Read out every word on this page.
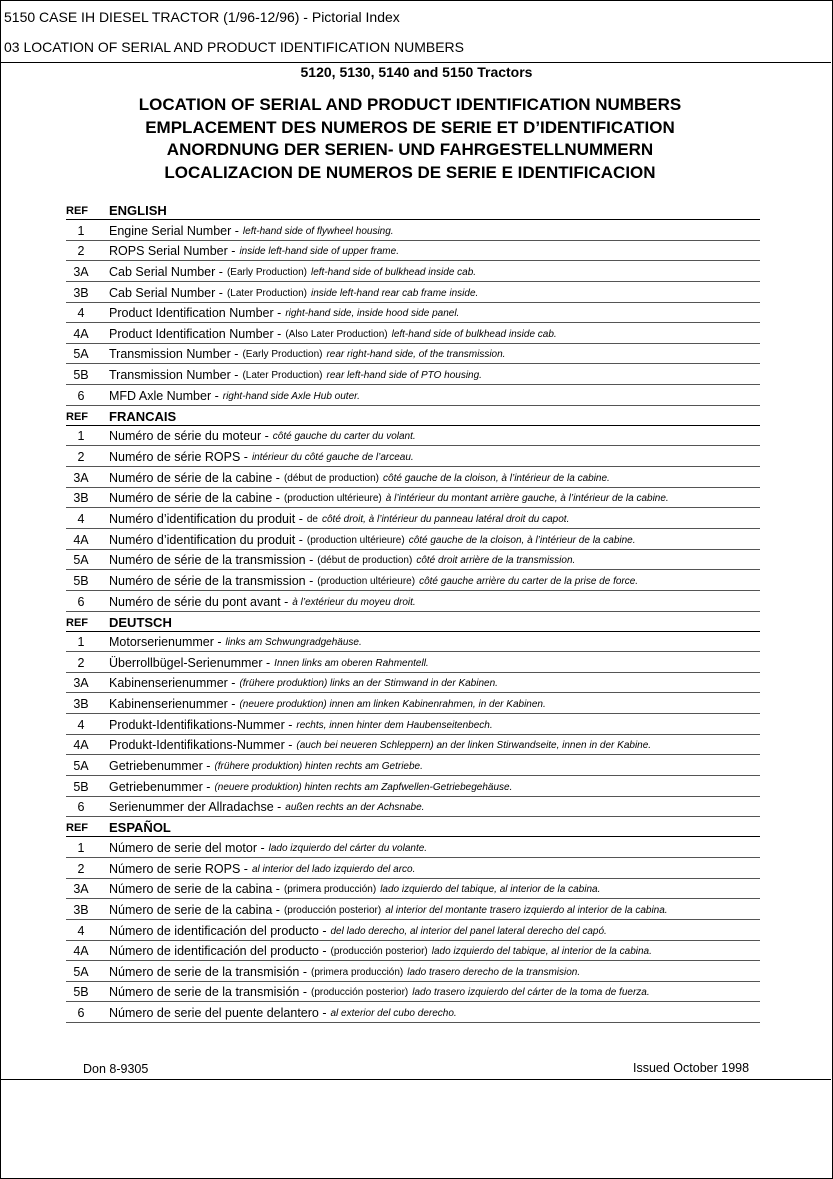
5150 CASE IH DIESEL TRACTOR (1/96-12/96) - Pictorial Index
03 LOCATION OF SERIAL AND PRODUCT IDENTIFICATION NUMBERS
5120, 5130, 5140 and 5150 Tractors
LOCATION OF SERIAL AND PRODUCT IDENTIFICATION NUMBERS
EMPLACEMENT DES NUMEROS DE SERIE ET D’IDENTIFICATION
ANORDNUNG DER SERIEN- UND FAHRGESTELLNUMMERN
LOCALIZACION DE NUMEROS DE SERIE E IDENTIFICACION
REF	ENGLISH
1	Engine Serial Number - left-hand side of flywheel housing.
2	ROPS Serial Number - inside left-hand side of upper frame.
3A	Cab Serial Number - (Early Production) left-hand side of bulkhead inside cab.
3B	Cab Serial Number - (Later Production) inside left-hand rear cab frame inside.
4	Product Identification Number - right-hand side, inside hood side panel.
4A	Product Identification Number - (Also Later Production) left-hand side of bulkhead inside cab.
5A	Transmission Number - (Early Production) rear right-hand side, of the transmission.
5B	Transmission Number - (Later Production) rear left-hand side of PTO housing.
6	MFD Axle Number - right-hand side Axle Hub outer.
REF	FRANCAIS
1	Numéro de série du moteur - côté gauche du carter du volant.
2	Numéro de série ROPS - intérieur du côté gauche de l’arceau.
3A	Numéro de série de la cabine - (début de production) côté gauche de la cloison, à l’intérieur de la cabine.
3B	Numéro de série de la cabine - (production ultérieure) à l’intérieur du montant arrière gauche, à l’intérieur de la cabine.
4	Numéro d’identification du produit - de côté droit, à l’intérieur du panneau latéral droit du capot.
4A	Numéro d’identification du produit - (production ultérieure) côté gauche de la cloison, à l’intérieur de la cabine.
5A	Numéro de série de la transmission - (début de production) côté droit arrière de la transmission.
5B	Numéro de série de la transmission - (production ultérieure) côté gauche arrière du carter de la prise de force.
6	Numéro de série du pont avant - à l’extérieur du moyeu droit.
REF	DEUTSCH
1	Motorserienummer - links am Schwungradgehäuse.
2	Überrollbügel-Serienummer - Innen links am oberen Rahmentell.
3A	Kabinenserienummer - (frühere produktion) links an der Stimwand in der Kabinen.
3B	Kabinenserienummer - (neuere produktion) innen am linken Kabinenrahmen, in der Kabinen.
4	Produkt-Identifikations-Nummer - rechts, innen hinter dem Haubenseitenbech.
4A	Produkt-Identifikations-Nummer - (auch bei neueren Schleppern) an der linken Stirwandseite, innen in der Kabine.
5A	Getriebenummer - (frühere produktion) hinten rechts am Getriebe.
5B	Getriebenummer - (neuere produktion) hinten rechts am Zapfwellen-Getriebegehäuse.
6	Serienummer der Allradachse - außen rechts an der Achsnabe.
REF	ESPAÑOL
1	Número de serie del motor - lado izquierdo del cárter du volante.
2	Número de serie ROPS - al interior del lado izquierdo del arco.
3A	Número de serie de la cabina - (primera producción) lado izquierdo del tabique, al interior de la cabina.
3B	Número de serie de la cabina - (producción posterior) al interior del montante trasero izquierdo al interior de la cabina.
4	Número de identificación del producto - del lado derecho, al interior del panel lateral derecho del capó.
4A	Número de identificación del producto - (producción posterior) lado izquierdo del tabique, al interior de la cabina.
5A	Número de serie de la transmisión - (primera producción) lado trasero derecho de la transmision.
5B	Número de serie de la transmisión - (producción posterior) lado trasero izquierdo del cárter de la toma de fuerza.
6	Número de serie del puente delantero - al exterior del cubo derecho.
Don 8-9305	Issued October 1998
